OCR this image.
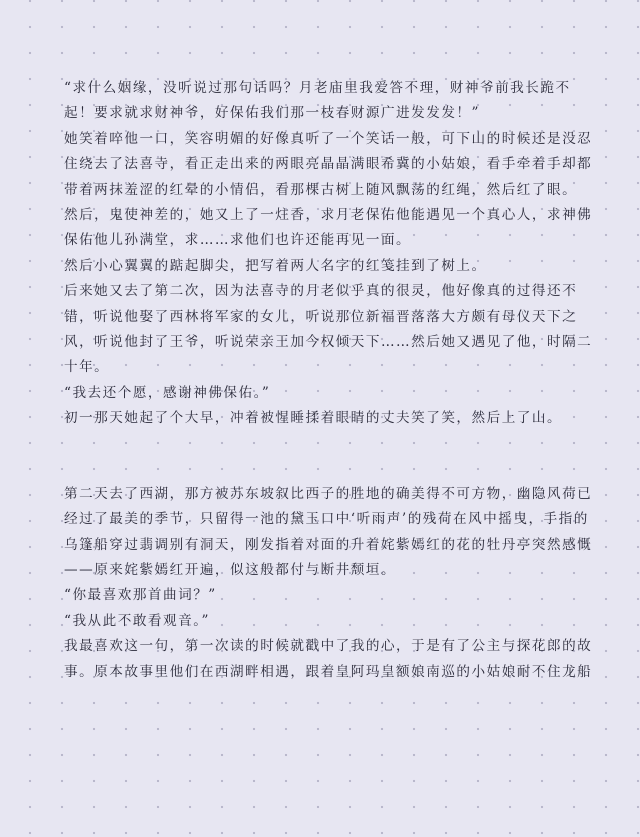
“求什么姻缘，没听说过那句话吗？月老庙里我爱答不理，财神爷前我长跪不起！要求就求财神爷，好保佑我们那一枝春财源广进发发发！”

她笑着啐他一口，笑容明媚的好像真听了一个笑话一般，可下山的时候还是没忍住绕去了法喜寺，看正走出来的两眼亮晶晶满眼希冀的小姑娘，看手牵着手却都带着两抹羞涩的红晕的小情侣，看那棵古树上随风飘荡的红绳，然后红了眼。

然后，鬼使神差的，她又上了一炷香，求月老保佑他能遇见一个真心人，求神佛保佑他儿孙满堂，求……求他们也许还能再见一面。

然后小心翼翼的踮起脚尖，把写着两人名字的红笺挂到了树上。

后来她又去了第二次，因为法喜寺的月老似乎真的很灵，他好像真的过得还不错，听说他娶了西林将军家的女儿，听说那位新福晋落落大方颇有母仪天下之风，听说他封了王爷，听说荣亲王加今权倾天下……然后她又遇见了他，时隔二十年。

“我去还个愿，感谢神佛保佑。”

初一那天她起了个大早，冲着被惺睡揉着眼睛的丈夫笑了笑，然后上了山。

第二天去了西湖，那方被苏东坡叙比西子的胜地的确美得不可方物，幽隐风荷已经过了最美的季节，只留得一池的黛玉口中‘听雨声’的残荷在风中摇曳，手指的乌篷船穿过翡调别有洞天，刚发指着对面的升着姹紫嫣红的花的牡丹亭突然感慨——原来姹紫嫣红开遍，似这般都付与断井颓垣。

“你最喜欢那首曲词？”

“我从此不敢看观音。”

我最喜欢这一句，第一次读的时候就戳中了我的心，于是有了公主与探花郎的故事。原本故事里他们在西湖畔相遇，跟着皇阿玛皇额娘南巡的小姑娘耐不住龙船
